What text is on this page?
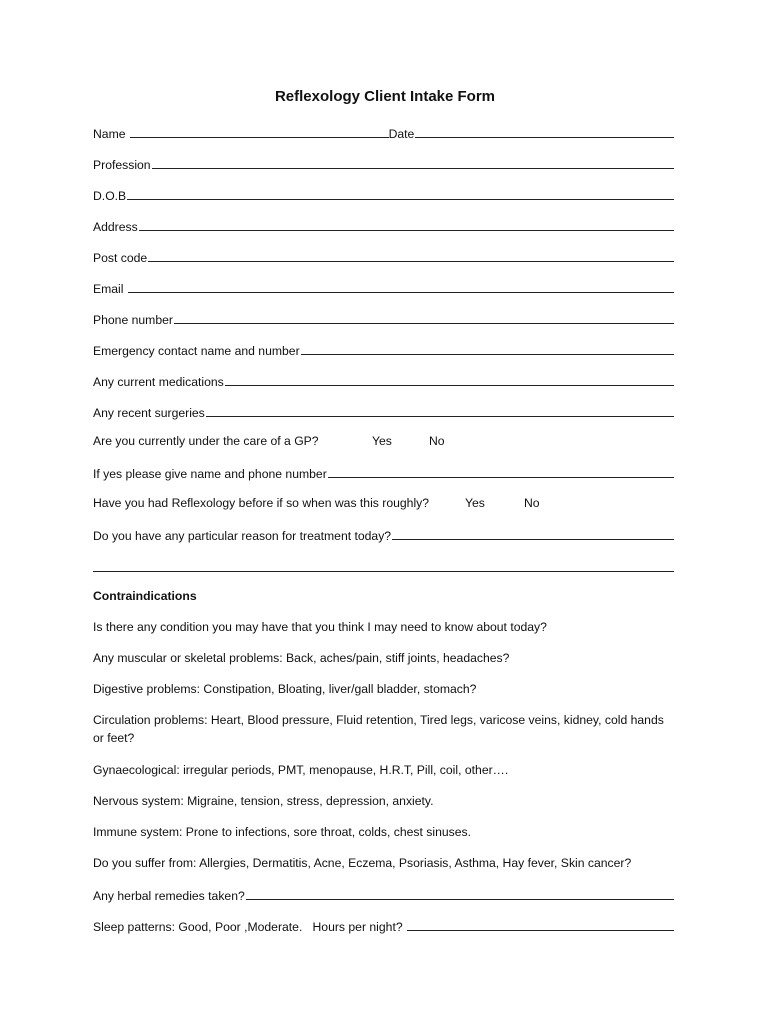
Reflexology Client Intake Form
Name	Date
Profession
D.O.B
Address
Post code
Email
Phone number
Emergency contact name and number
Any current medications
Any recent surgeries
Are you currently under the care of a GP?	Yes	No
If yes please give name and phone number
Have you had Reflexology before if so when was this roughly?	Yes	No
Do you have any particular reason for treatment today?
Contraindications
Is there any condition you may have that you think I may need to know about today?
Any muscular or skeletal problems: Back, aches/pain, stiff joints, headaches?
Digestive problems: Constipation, Bloating, liver/gall bladder, stomach?
Circulation problems: Heart, Blood pressure, Fluid retention, Tired legs, varicose veins, kidney, cold hands or feet?
Gynaecological: irregular periods, PMT, menopause, H.R.T, Pill, coil, other….
Nervous system: Migraine, tension, stress, depression, anxiety.
Immune system: Prone to infections, sore throat, colds, chest sinuses.
Do you suffer from: Allergies, Dermatitis, Acne, Eczema, Psoriasis, Asthma, Hay fever, Skin cancer?
Any herbal remedies taken?
Sleep patterns: Good, Poor ,Moderate.   Hours per night?
